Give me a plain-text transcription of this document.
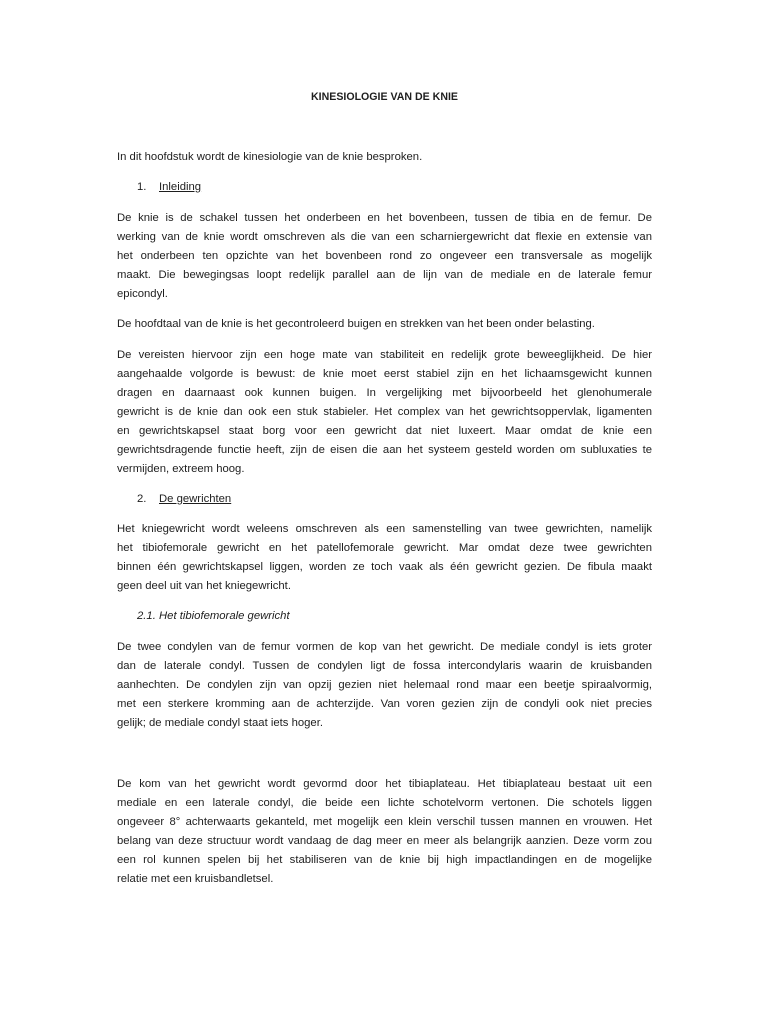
KINESIOLOGIE VAN DE KNIE
In dit hoofdstuk wordt de kinesiologie van de knie besproken.
1. Inleiding
De knie is de schakel tussen het onderbeen en het bovenbeen, tussen de tibia en de femur. De
werking van de knie wordt omschreven als die van een scharniergewricht dat flexie en extensie van
het onderbeen ten opzichte van het bovenbeen rond zo ongeveer een transversale as mogelijk
maakt. Die bewegingsas loopt redelijk parallel aan de lijn van de mediale en de laterale femur
epicondyl.
De hoofdtaal van de knie is het gecontroleerd buigen en strekken van het been onder belasting.
De vereisten hiervoor zijn een hoge mate van stabiliteit en redelijk grote beweeglijkheid. De hier
aangehaalde volgorde is bewust: de knie moet eerst stabiel zijn en het lichaamsgewicht kunnen
dragen en daarnaast ook kunnen buigen. In vergelijking met bijvoorbeeld het glenohumerale
gewricht is de knie dan ook een stuk stabieler. Het complex van het gewrichtsoppervlak, ligamenten
en gewrichtskapsel staat borg voor een gewricht dat niet luxeert. Maar omdat de knie een
gewrichtsdragende functie heeft, zijn de eisen die aan het systeem gesteld worden om subluxaties te
vermijden, extreem hoog.
2. De gewrichten
Het kniegewricht wordt weleens omschreven als een samenstelling van twee gewrichten, namelijk
het tibiofemorale gewricht en het patellofemorale gewricht. Mar omdat deze twee gewrichten
binnen één gewrichtskapsel liggen, worden ze toch vaak als één gewricht gezien. De fibula maakt
geen deel uit van het kniegewricht.
2.1. Het tibiofemorale gewricht
De twee condylen van de femur vormen de kop van het gewricht. De mediale condyl is iets groter
dan de laterale condyl. Tussen de condylen ligt de fossa intercondylaris waarin de kruisbanden
aanhechten. De condylen zijn van opzij gezien niet helemaal rond maar een beetje spiraalvormig,
met een sterkere kromming aan de achterzijde. Van voren gezien zijn de condyli ook niet precies
gelijk; de mediale condyl staat iets hoger.
De kom van het gewricht wordt gevormd door het tibiaplateau. Het tibiaplateau bestaat uit een
mediale en een laterale condyl, die beide een lichte schotelvorm vertonen. Die schotels liggen
ongeveer 8° achterwaarts gekanteld, met mogelijk een klein verschil tussen mannen en vrouwen. Het
belang van deze structuur wordt vandaag de dag meer en meer als belangrijk aanzien. Deze vorm zou
een rol kunnen spelen bij het stabiliseren van de knie bij high impactlandingen en de mogelijke
relatie met een kruisbandletsel.
